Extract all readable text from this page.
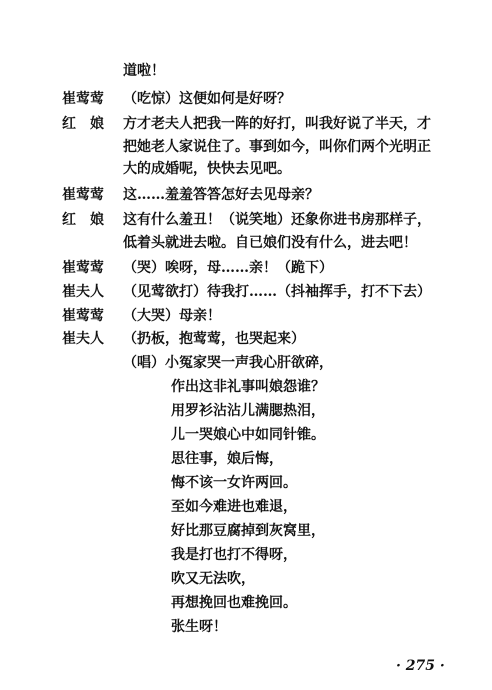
道啦！
崔莺莺	（吃惊）这便如何是好呀？
红　娘	方才老夫人把我一阵的好打，叫我好说了半天，才
把她老人家说住了。事到如今，叫你们两个光明正
大的成婚呢，快快去见吧。
崔莺莺	这……羞羞答答怎好去见母亲？
红　娘	这有什么羞丑！（说笑地）还象你进书房那样子，
低着头就进去啦。自已娘们没有什么，进去吧！
崔莺莺	（哭）唉呀，母……亲！（跪下）
崔夫人	（见莺欲打）待我打……（抖袖挥手，打不下去）
崔莺莺	（大哭）母亲！
崔夫人	（扔板，抱莺莺，也哭起来）
（唱）小冤家哭一声我心肝欲碎，
作出这非礼事叫娘怨谁？
用罗衫沾沾儿满腮热泪，
儿一哭娘心中如同针锥。
思往事，娘后悔，
悔不该一女许两回。
至如今难进也难退，
好比那豆腐掉到灰窝里，
我是打也打不得呀，
吹又无法吹，
再想挽回也难挽回。
张生呀！
· 275 ·
